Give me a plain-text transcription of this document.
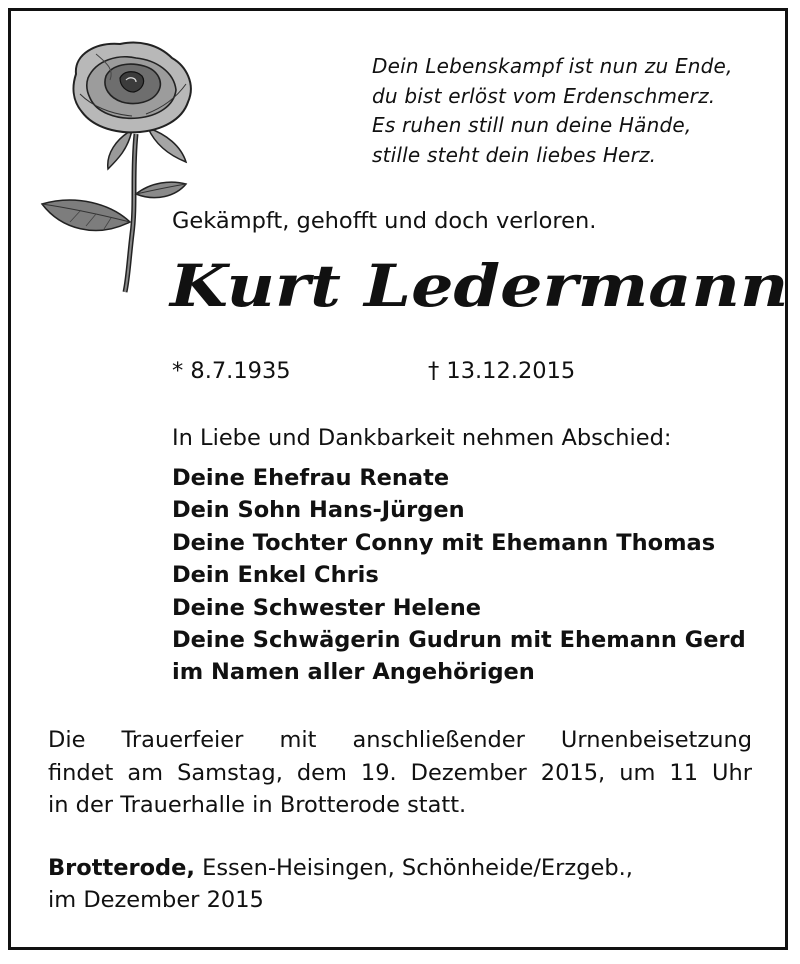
Dein Lebenskampf ist nun zu Ende,
du bist erlöst vom Erdenschmerz.
Es ruhen still nun deine Hände,
stille steht dein liebes Herz.
Gekämpft, gehofft und doch verloren.
Kurt Ledermann
* 8.7.1935	† 13.12.2015
In Liebe und Dankbarkeit nehmen Abschied:
Deine Ehefrau Renate
Dein Sohn Hans-Jürgen
Deine Tochter Conny mit Ehemann Thomas
Dein Enkel Chris
Deine Schwester Helene
Deine Schwägerin Gudrun mit Ehemann Gerd
im Namen aller Angehörigen
Die Trauerfeier mit anschließender Urnenbeisetzung
findet am Samstag, dem 19. Dezember 2015, um 11 Uhr
in der Trauerhalle in Brotterode statt.
Brotterode, Essen-Heisingen, Schönheide/Erzgeb.,
im Dezember 2015
